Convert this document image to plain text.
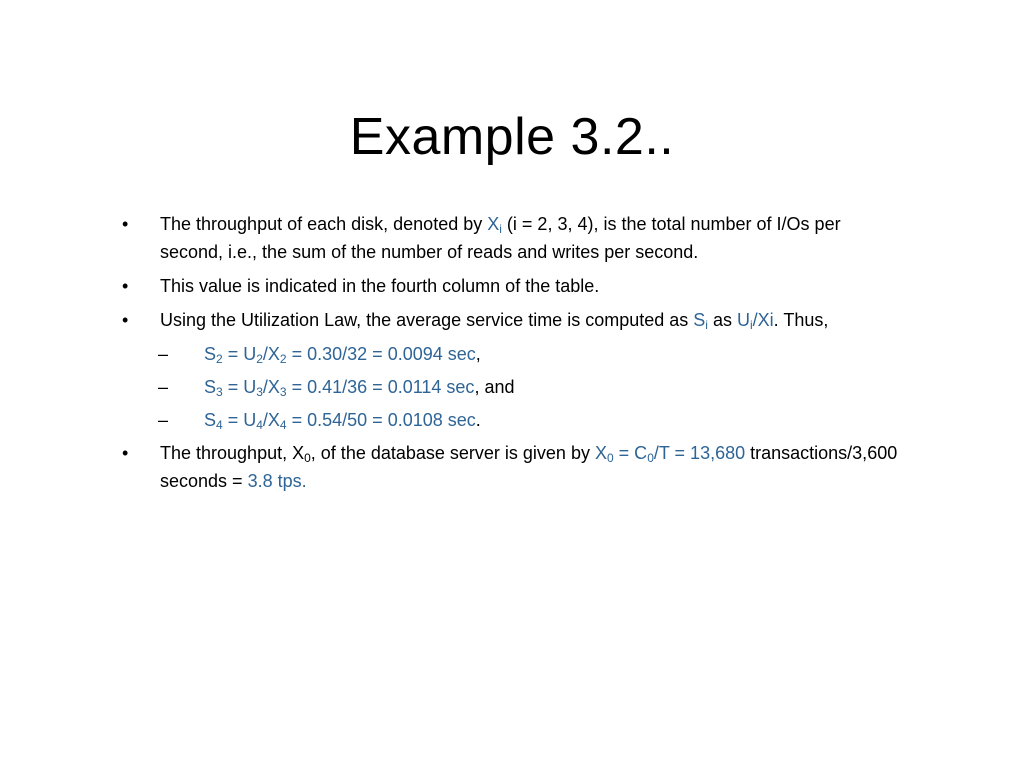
Example 3.2..
•	The throughput of each disk, denoted by $X_i$ (i = 2, 3, 4), is the total number of I/Os per second, i.e., the sum of the number of reads and writes per second.
•	This value is indicated in the fourth column of the table.
•	Using the Utilization Law, the average service time is computed as $S_i$ as $U_i/Xi$. Thus,
–	$S_2 = U_2/X_2 = 0.30/32 = 0.0094$ sec,
–	$S_3 = U_3/X_3 = 0.41/36 = 0.0114$ sec, and
–	$S_4 = U_4/X_4 = 0.54/50 = 0.0108$ sec.
•	The throughput, $X_0$, of the database server is given by $X_0 = C_0/T = 13,680$ transactions/3,600 seconds = 3.8 tps.
